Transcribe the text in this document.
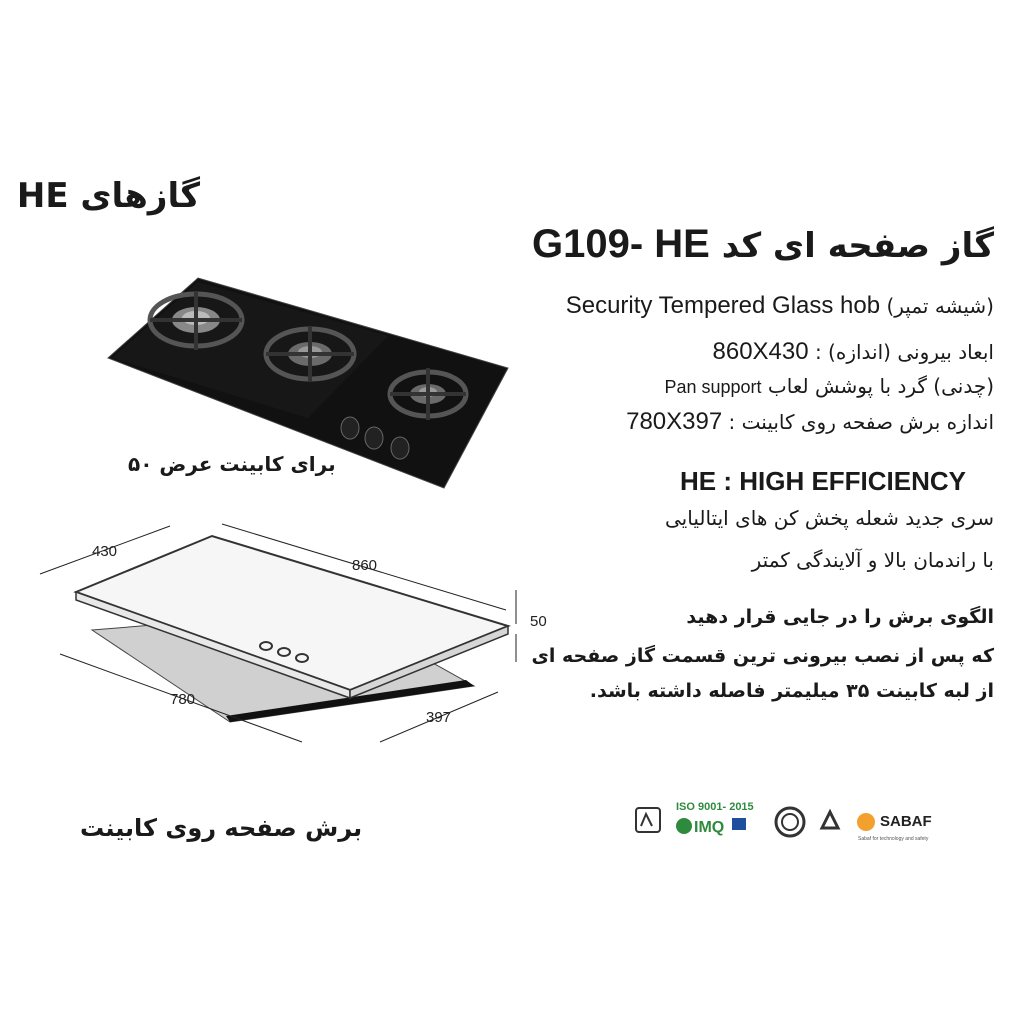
گازهای HE
G109- HE گاز صفحه ای کد
Security Tempered Glass hob (شیشه تمپر)
860X430 ابعاد بیرونی (اندازه) :
Pan support (چدنی) گرد با پوشش لعاب
780X397 اندازه برش صفحه روی کابینت :
HE : HIGH EFFICIENCY
سری جدید شعله پخش کن های ایتالیایی
با راندمان بالا و آلایندگی کمتر
الگوی برش را در جایی قرار دهید
که پس از نصب بیرونی ترین قسمت گاز صفحه ای
از لبه کابینت ۳۵ میلیمتر فاصله داشته باشد.
برای کابینت عرض ۵۰
برش صفحه روی کابینت
430
860
50
780
397
ISO 9001- 2015
IMQ	SABAF
Sabaf for technology and safety
